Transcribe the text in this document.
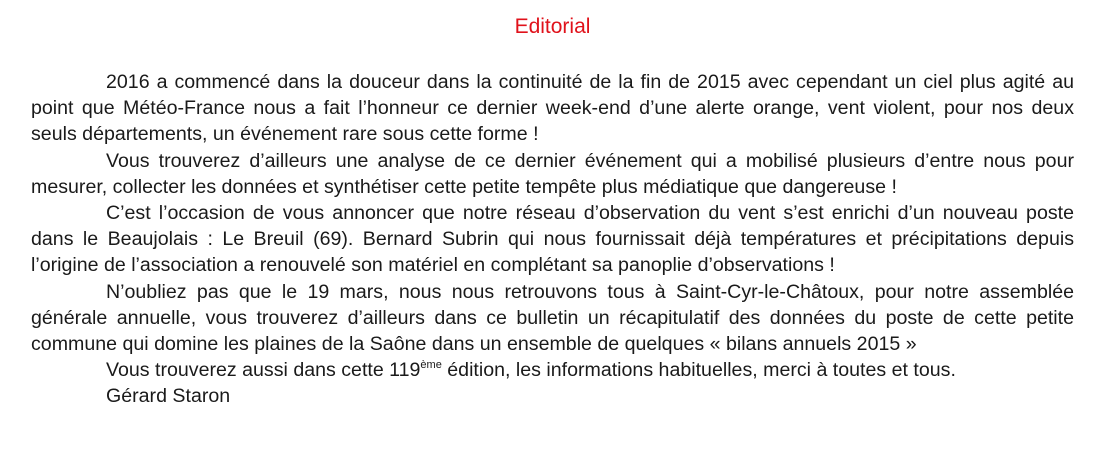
Editorial

2016 a commencé dans la douceur dans la continuité de la fin de 2015 avec cependant un ciel plus agité au point que Météo-France nous a fait l’honneur ce dernier week-end d’une alerte orange, vent violent, pour nos deux seuls départements, un événement rare sous cette forme !

Vous trouverez d’ailleurs une analyse de ce dernier événement qui a mobilisé plusieurs d’entre nous pour mesurer, collecter les données et synthétiser cette petite tempête plus médiatique que dangereuse !

C’est l’occasion de vous annoncer que notre réseau d’observation du vent s’est enrichi d’un nouveau poste dans le Beaujolais : Le Breuil (69). Bernard Subrin qui nous fournissait déjà températures et précipitations depuis l’origine de l’association a renouvelé son matériel en complétant sa panoplie d’observations !

N’oubliez pas que le 19 mars, nous nous retrouvons tous à Saint-Cyr-le-Châtoux, pour notre assemblée générale annuelle, vous trouverez d’ailleurs dans ce bulletin un récapitulatif des données du poste de cette petite commune qui domine les plaines de la Saône dans un ensemble de quelques « bilans annuels 2015 »

Vous trouverez aussi dans cette 119ème édition, les informations habituelles, merci à toutes et tous.

Gérard Staron
